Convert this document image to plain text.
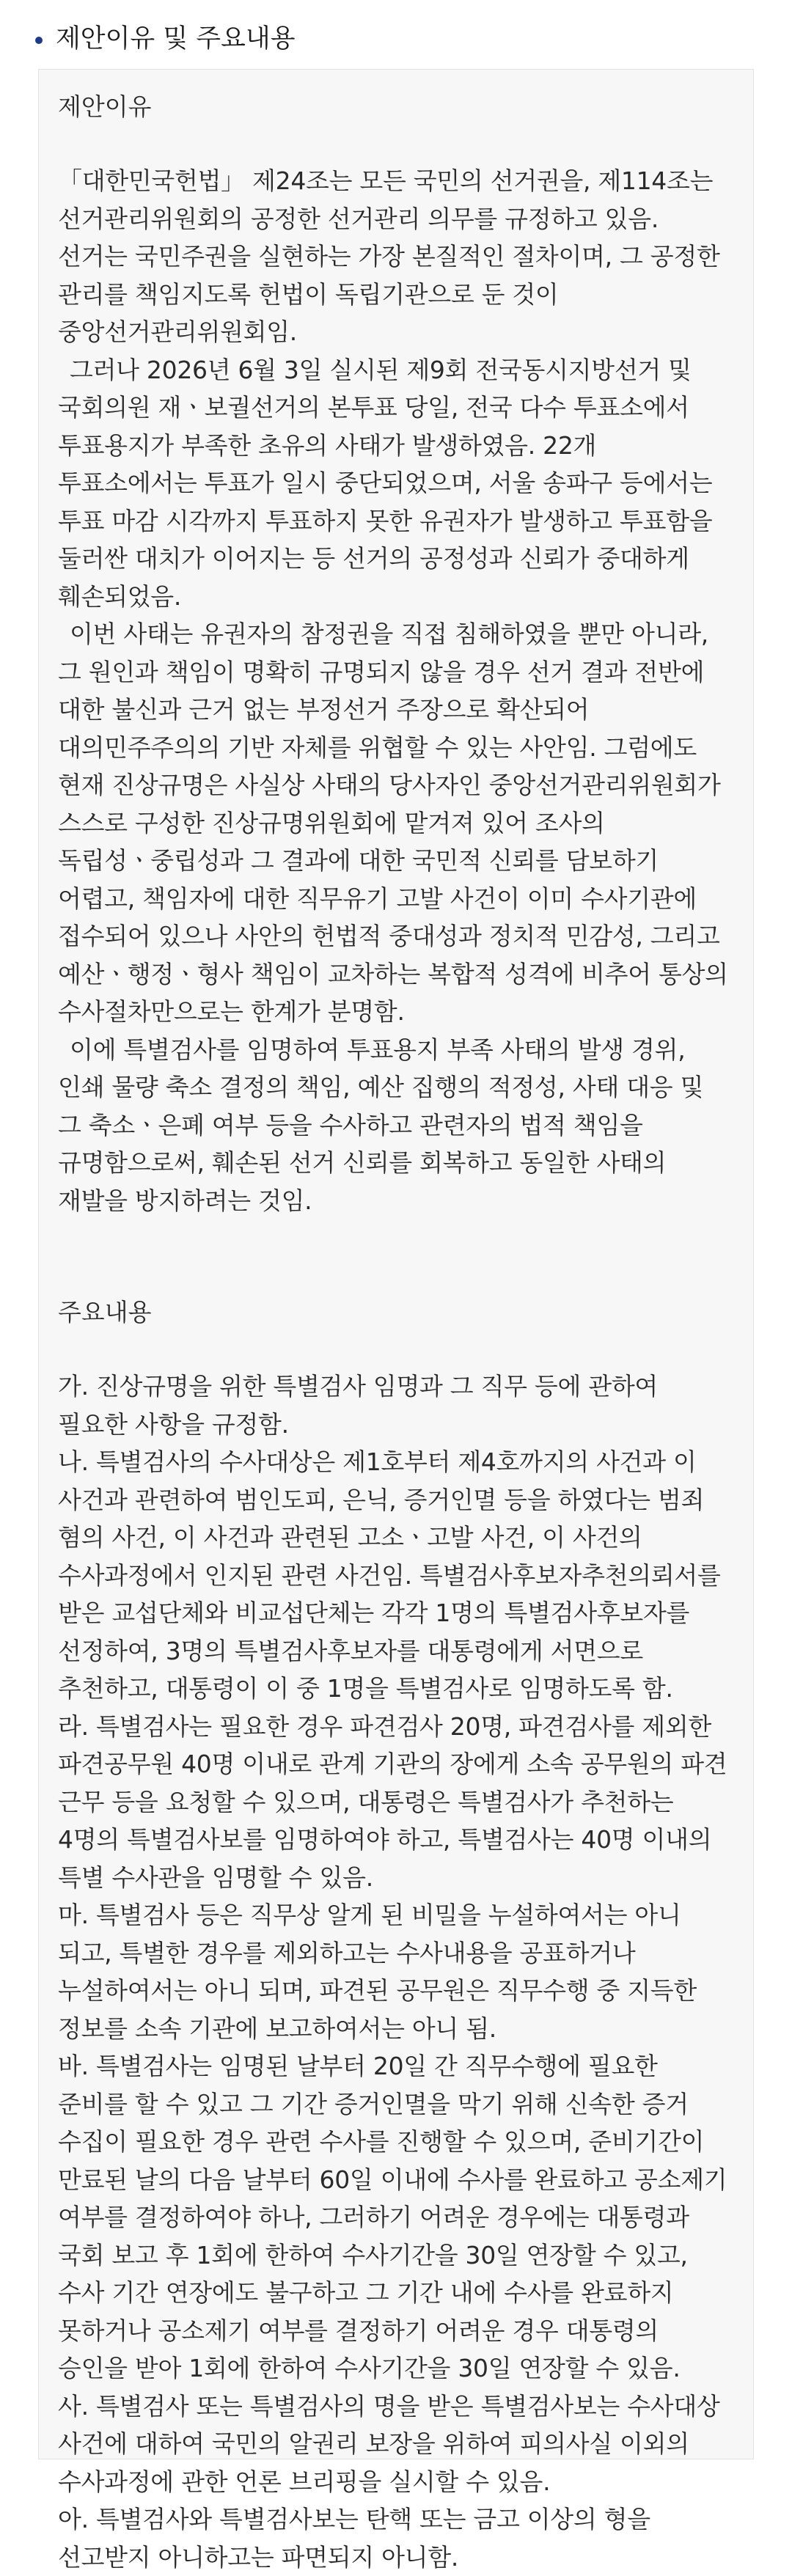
제안이유 및 주요내용
제안이유

「대한민국헌법」 제24조는 모든 국민의 선거권을, 제114조는 선거관리위원회의 공정한 선거관리 의무를 규정하고 있음. 선거는 국민주권을 실현하는 가장 본질적인 절차이며, 그 공정한 관리를 책임지도록 헌법이 독립기관으로 둔 것이 중앙선거관리위원회임.

그러나 2026년 6월 3일 실시된 제9회 전국동시지방선거 및 국회의원 재ㆍ보궐선거의 본투표 당일, 전국 다수 투표소에서 투표용지가 부족한 초유의 사태가 발생하였음. 22개 투표소에서는 투표가 일시 중단되었으며, 서울 송파구 등에서는 투표 마감 시각까지 투표하지 못한 유권자가 발생하고 투표함을 둘러싼 대치가 이어지는 등 선거의 공정성과 신뢰가 중대하게 훼손되었음.

이번 사태는 유권자의 참정권을 직접 침해하였을 뿐만 아니라, 그 원인과 책임이 명확히 규명되지 않을 경우 선거 결과 전반에 대한 불신과 근거 없는 부정선거 주장으로 확산되어 대의민주주의의 기반 자체를 위협할 수 있는 사안임. 그럼에도 현재 진상규명은 사실상 사태의 당사자인 중앙선거관리위원회가 스스로 구성한 진상규명위원회에 맡겨져 있어 조사의 독립성ㆍ중립성과 그 결과에 대한 국민적 신뢰를 담보하기 어렵고, 책임자에 대한 직무유기 고발 사건이 이미 수사기관에 접수되어 있으나 사안의 헌법적 중대성과 정치적 민감성, 그리고 예산ㆍ행정ㆍ형사 책임이 교차하는 복합적 성격에 비추어 통상의 수사절차만으로는 한계가 분명함.

이에 특별검사를 임명하여 투표용지 부족 사태의 발생 경위, 인쇄 물량 축소 결정의 책임, 예산 집행의 적정성, 사태 대응 및 그 축소ㆍ은폐 여부 등을 수사하고 관련자의 법적 책임을 규명함으로써, 훼손된 선거 신뢰를 회복하고 동일한 사태의 재발을 방지하려는 것임.

주요내용

가. 진상규명을 위한 특별검사 임명과 그 직무 등에 관하여 필요한 사항을 규정함.

나. 특별검사의 수사대상은 제1호부터 제4호까지의 사건과 이 사건과 관련하여 범인도피, 은닉, 증거인멸 등을 하였다는 범죄 혐의 사건, 이 사건과 관련된 고소ㆍ고발 사건, 이 사건의 수사과정에서 인지된 관련 사건임. 특별검사후보자추천의뢰서를 받은 교섭단체와 비교섭단체는 각각 1명의 특별검사후보자를 선정하여, 3명의 특별검사후보자를 대통령에게 서면으로 추천하고, 대통령이 이 중 1명을 특별검사로 임명하도록 함.

라. 특별검사는 필요한 경우 파견검사 20명, 파견검사를 제외한 파견공무원 40명 이내로 관계 기관의 장에게 소속 공무원의 파견 근무 등을 요청할 수 있으며, 대통령은 특별검사가 추천하는 4명의 특별검사보를 임명하여야 하고, 특별검사는 40명 이내의 특별 수사관을 임명할 수 있음.

마. 특별검사 등은 직무상 알게 된 비밀을 누설하여서는 아니 되고, 특별한 경우를 제외하고는 수사내용을 공표하거나 누설하여서는 아니 되며, 파견된 공무원은 직무수행 중 지득한 정보를 소속 기관에 보고하여서는 아니 됨.

바. 특별검사는 임명된 날부터 20일 간 직무수행에 필요한 준비를 할 수 있고 그 기간 증거인멸을 막기 위해 신속한 증거 수집이 필요한 경우 관련 수사를 진행할 수 있으며, 준비기간이 만료된 날의 다음 날부터 60일 이내에 수사를 완료하고 공소제기 여부를 결정하여야 하나, 그러하기 어려운 경우에는 대통령과 국회 보고 후 1회에 한하여 수사기간을 30일 연장할 수 있고, 수사 기간 연장에도 불구하고 그 기간 내에 수사를 완료하지 못하거나 공소제기 여부를 결정하기 어려운 경우 대통령의 승인을 받아 1회에 한하여 수사기간을 30일 연장할 수 있음.

사. 특별검사 또는 특별검사의 명을 받은 특별검사보는 수사대상 사건에 대하여 국민의 알권리 보장을 위하여 피의사실 이외의 수사과정에 관한 언론 브리핑을 실시할 수 있음.

아. 특별검사와 특별검사보는 탄핵 또는 금고 이상의 형을 선고받지 아니하고는 파면되지 아니함.
